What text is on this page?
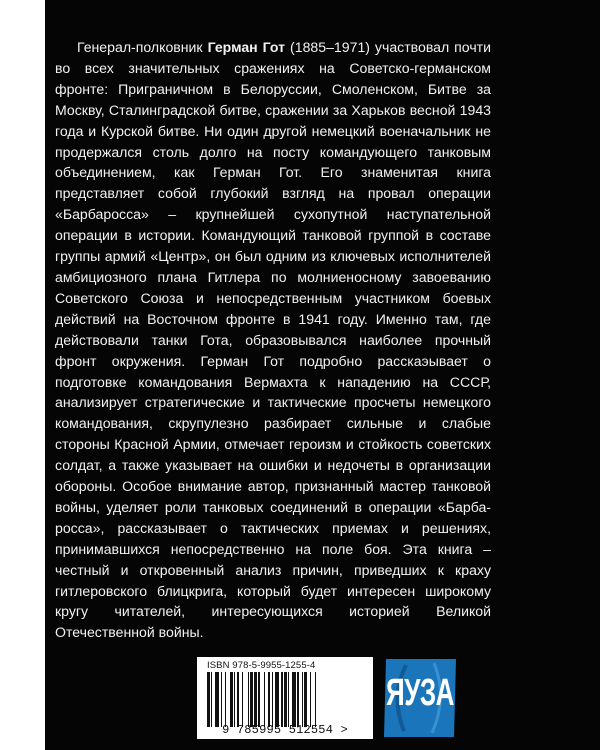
Генерал-полковник Герман Гот (1885–1971) участвовал почти во всех значительных сражениях на Советско-германском фронте: Приграничном в Белоруссии, Смоленском, Битве за Москву, Сталинградской битве, сражении за Харьков весной 1943 года и Курской битве. Ни один другой немецкий военачальник не продержался столь долго на посту командующего танковым объединением, как Герман Гот. Его знаменитая книга представляет собой глубокий взгляд на провал операции «Барбаросса» – крупнейшей сухопутной наступательной операции в истории. Командующий танковой группой в составе группы армий «Центр», он был одним из ключевых исполнителей амбициозного плана Гитлера по молниеносному завоеванию Советского Союза и непосредственным участником боевых действий на Восточном фронте в 1941 году. Именно там, где действовали танки Гота, образовывался наиболее прочный фронт окружения. Герман Гот подробно расскаэывает о подготовке командования Вермахта к нападению на СССР, анализирует стратегические и тактические просчеты немецкого командования, скрупулезно разбирает сильные и слабые стороны Красной Армии, отмечает героизм и стойкость советских солдат, а также указывает на ошибки и недочеты в организации обороны. Особое внимание автор, признанный мастер танковой войны, уделяет роли танковых соединений в операции «Барбаросса», рассказывает о тактических приемах и решениях, принимавшихся непосредственно на поле боя. Эта книга – честный и откровенный анализ причин, приведших к краху гитлеровского блицкрига, который будет интересен широкому кругу читателей, интересующихся историей Великой Отечественной войны.

ISBN 978-5-9955-1255-4
9 785995 512554 >
ЯУЗА
